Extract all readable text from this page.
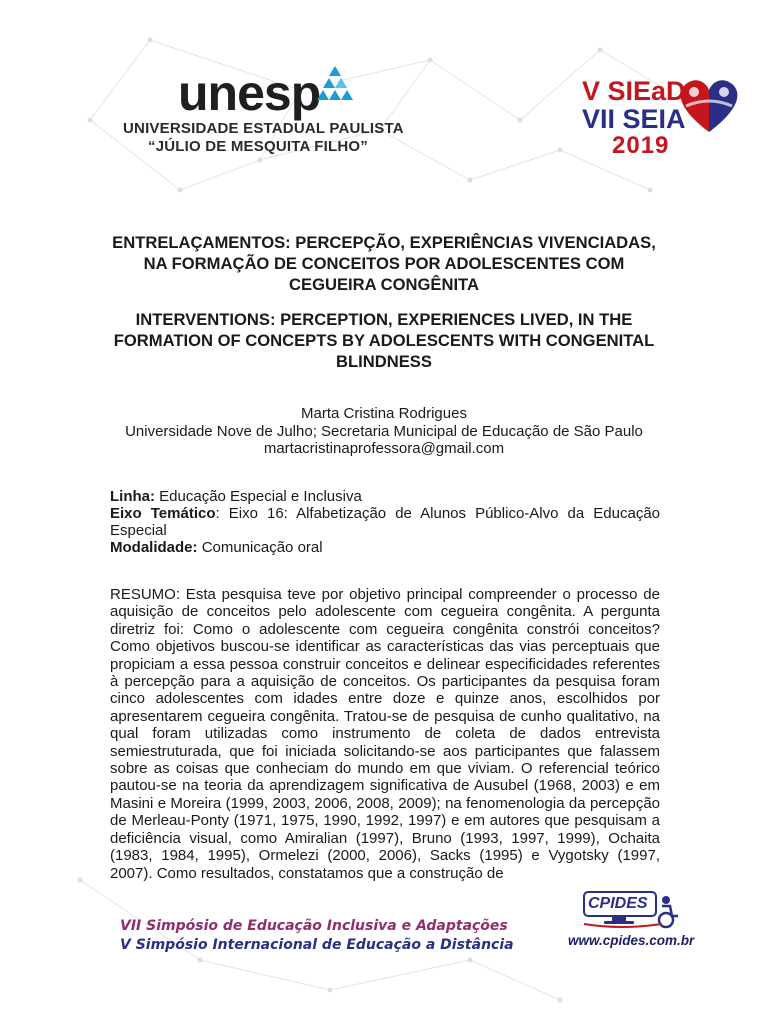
unesp
UNIVERSIDADE ESTADUAL PAULISTA
“JÚLIO DE MESQUITA FILHO”
V SIEaD
VII SEIA
2019
ENTRELAÇAMENTOS: PERCEPÇÃO, EXPERIÊNCIAS VIVENCIADAS, NA FORMAÇÃO DE CONCEITOS POR ADOLESCENTES COM CEGUEIRA CONGÊNITA
INTERVENTIONS: PERCEPTION, EXPERIENCES LIVED, IN THE FORMATION OF CONCEPTS BY ADOLESCENTS WITH CONGENITAL BLINDNESS
Marta Cristina Rodrigues
Universidade Nove de Julho; Secretaria Municipal de Educação de São Paulo
martacristinaprofessora@gmail.com
Linha: Educação Especial e Inclusiva
Eixo Temático: Eixo 16: Alfabetização de Alunos Público-Alvo da Educação Especial
Modalidade: Comunicação oral
RESUMO: Esta pesquisa teve por objetivo principal compreender o processo de aquisição de conceitos pelo adolescente com cegueira congênita. A pergunta diretriz foi: Como o adolescente com cegueira congênita constrói conceitos? Como objetivos buscou-se identificar as características das vias perceptuais que propiciam a essa pessoa construir conceitos e delinear especificidades referentes à percepção para a aquisição de conceitos. Os participantes da pesquisa foram cinco adolescentes com idades entre doze e quinze anos, escolhidos por apresentarem cegueira congênita. Tratou-se de pesquisa de cunho qualitativo, na qual foram utilizadas como instrumento de coleta de dados entrevista semiestruturada, que foi iniciada solicitando-se aos participantes que falassem sobre as coisas que conheciam do mundo em que viviam. O referencial teórico pautou-se na teoria da aprendizagem significativa de Ausubel (1968, 2003) e em Masini e Moreira (1999, 2003, 2006, 2008, 2009); na fenomenologia da percepção de Merleau-Ponty (1971, 1975, 1990, 1992, 1997) e em autores que pesquisam a deficiência visual, como Amiralian (1997), Bruno (1993, 1997, 1999), Ochaita (1983, 1984, 1995), Ormelezi (2000, 2006), Sacks (1995) e Vygotsky (1997, 2007). Como resultados, constatamos que a construção de
VII Simpósio de Educação Inclusiva e Adaptações
V Simpósio Internacional de Educação a Distância
CPIDES
www.cpides.com.br
